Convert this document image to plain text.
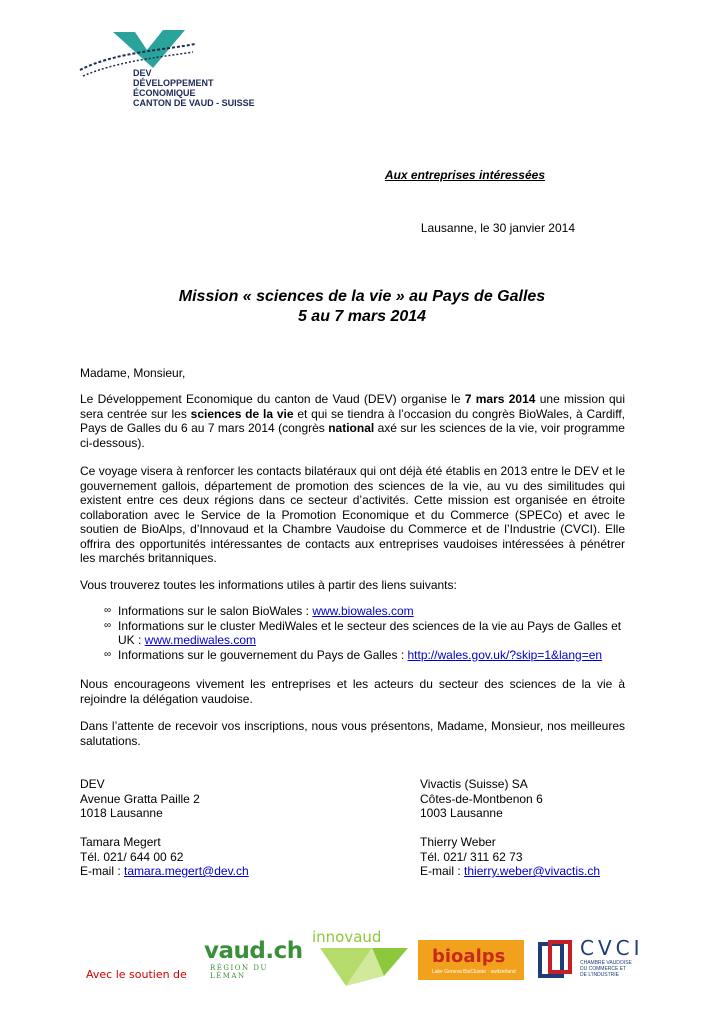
DEV
DÉVELOPPEMENT ÉCONOMIQUE
CANTON DE VAUD - SUISSE
Aux entreprises intéressées
Lausanne, le 30 janvier 2014
Mission « sciences de la vie » au Pays de Galles
5 au 7 mars 2014
Madame, Monsieur,
Le Développement Economique du canton de Vaud (DEV) organise le 7 mars 2014 une mission qui sera centrée sur les sciences de la vie et qui se tiendra à l’occasion du congrès BioWales, à Cardiff, Pays de Galles du 6 au 7 mars 2014 (congrès national axé sur les sciences de la vie, voir programme ci-dessous).
Ce voyage visera à renforcer les contacts bilatéraux qui ont déjà été établis en 2013 entre le DEV et le gouvernement gallois, département de promotion des sciences de la vie, au vu des similitudes qui existent entre ces deux régions dans ce secteur d’activités. Cette mission est organisée en étroite collaboration avec le Service de la Promotion Economique et du Commerce (SPECo) et avec le soutien de BioAlps, d’Innovaud et la Chambre Vaudoise du Commerce et de l’Industrie (CVCI). Elle offrira des opportunités intéressantes de contacts aux entreprises vaudoises intéressées à pénétrer les marchés britanniques.
Vous trouverez toutes les informations utiles à partir des liens suivants:
∞ Informations sur le salon BioWales : www.biowales.com
∞ Informations sur le cluster MediWales et le secteur des sciences de la vie au Pays de Galles et UK : www.mediwales.com
∞ Informations sur le gouvernement du Pays de Galles : http://wales.gov.uk/?skip=1&lang=en
Nous encourageons vivement les entreprises et les acteurs du secteur des sciences de la vie à rejoindre la délégation vaudoise.
Dans l’attente de recevoir vos inscriptions, nous vous présentons, Madame, Monsieur, nos meilleures salutations.
DEV
Avenue Gratta Paille 2
1018 Lausanne
Tamara Megert
Tél. 021/ 644 00 62
E-mail : tamara.megert@dev.ch
Vivactis (Suisse) SA
Côtes-de-Montbenon 6
1003 Lausanne
Thierry Weber
Tél. 021/ 311 62 73
E-mail : thierry.weber@vivactis.ch
Avec le soutien de
vaud.ch
RÉGION DU LÉMAN
innovaud
bioalps
Lake Geneva BioCluster · switzerland
CVCI
CHAMBRE VAUDOISE
DU COMMERCE ET
DE L'INDUSTRIE
